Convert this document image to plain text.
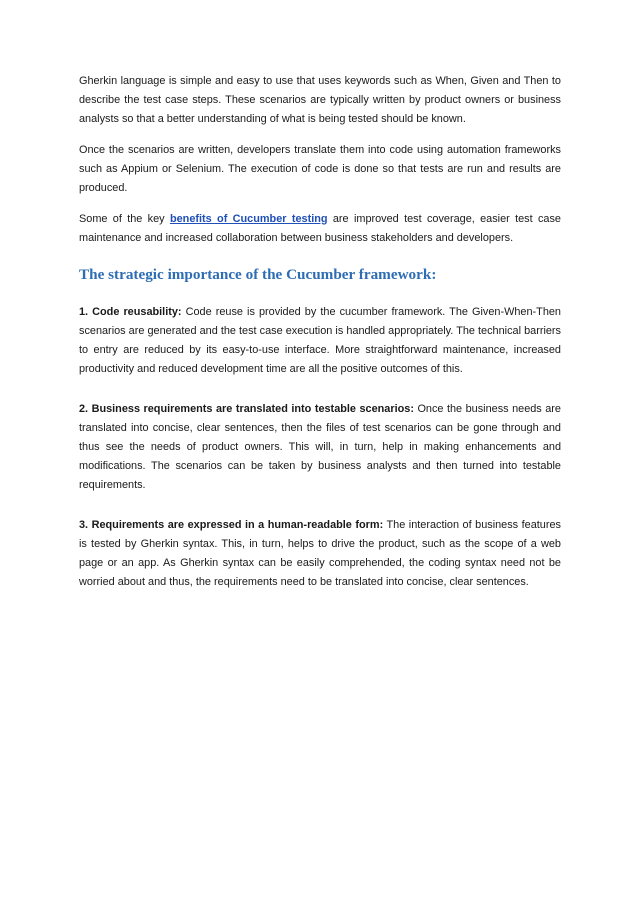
Gherkin language is simple and easy to use that uses keywords such as When, Given and Then to describe the test case steps. These scenarios are typically written by product owners or business analysts so that a better understanding of what is being tested should be known.

Once the scenarios are written, developers translate them into code using automation frameworks such as Appium or Selenium. The execution of code is done so that tests are run and results are produced.

Some of the key benefits of Cucumber testing are improved test coverage, easier test case maintenance and increased collaboration between business stakeholders and developers.

The strategic importance of the Cucumber framework:

1. Code reusability: Code reuse is provided by the cucumber framework. The Given-When-Then scenarios are generated and the test case execution is handled appropriately. The technical barriers to entry are reduced by its easy-to-use interface. More straightforward maintenance, increased productivity and reduced development time are all the positive outcomes of this.

2. Business requirements are translated into testable scenarios: Once the business needs are translated into concise, clear sentences, then the files of test scenarios can be gone through and thus see the needs of product owners. This will, in turn, help in making enhancements and modifications. The scenarios can be taken by business analysts and then turned into testable requirements.

3. Requirements are expressed in a human-readable form: The interaction of business features is tested by Gherkin syntax. This, in turn, helps to drive the product, such as the scope of a web page or an app. As Gherkin syntax can be easily comprehended, the coding syntax need not be worried about and thus, the requirements need to be translated into concise, clear sentences.
